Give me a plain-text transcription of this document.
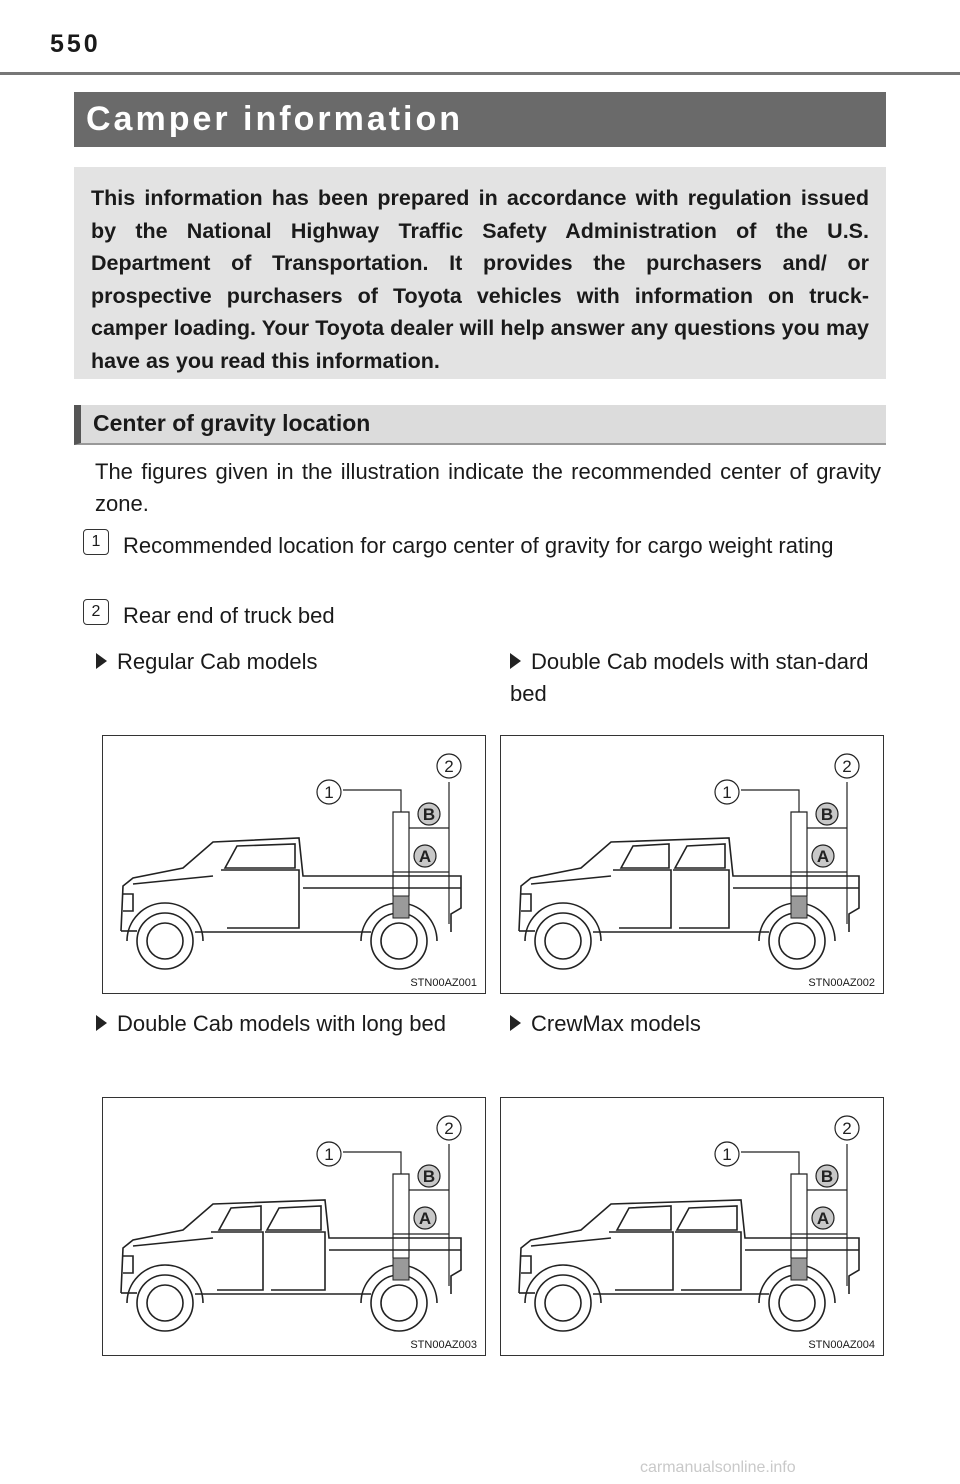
550
Camper information

This information has been prepared in accordance with regulation issued by the National Highway Traffic Safety Administration of the U.S. Department of Transportation. It provides the purchasers and/ or prospective purchasers of Toyota vehicles with information on truck-camper loading. Your Toyota dealer will help answer any questions you may have as you read this information.

Center of gravity location

The figures given in the illustration indicate the recommended center of gravity zone.

1	Recommended location for cargo center of gravity for cargo weight rating
2	Rear end of truck bed
Regular Cab models	Double Cab models with stan-dard bed
Double Cab models with long bed	CrewMax models
1
2
B
A
STN00AZ001
1
2
B
A
STN00AZ002
1
2
B
A
STN00AZ003
1
2
B
A
STN00AZ004
carmanualsonline.info
